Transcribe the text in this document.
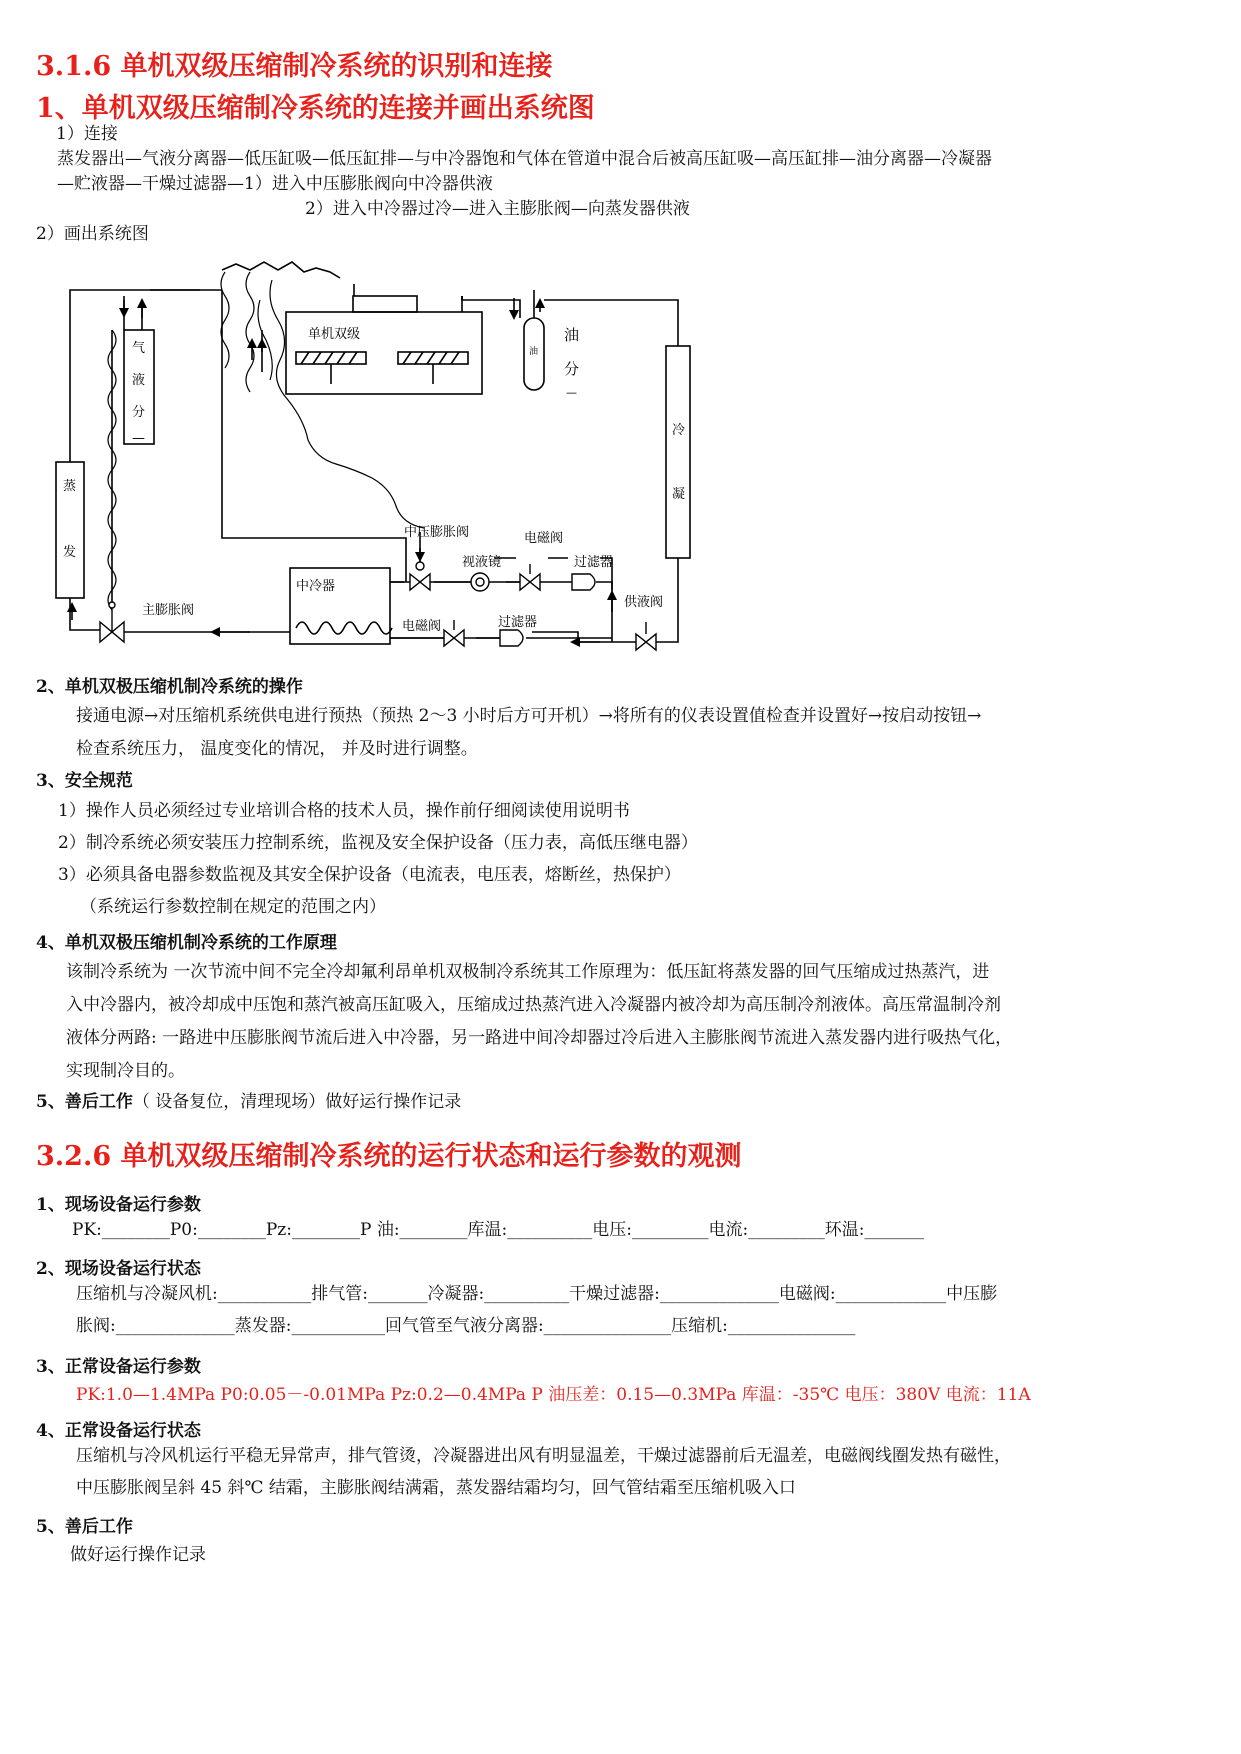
3.1.6 单机双级压缩制冷系统的识别和连接
1、单机双级压缩制冷系统的连接并画出系统图
1）连接
蒸发器出—气液分离器—低压缸吸—低压缸排—与中冷器饱和气体在管道中混合后被高压缸吸—高压缸排—油分离器—冷凝器
—贮液器—干燥过滤器—1）进入中压膨胀阀向中冷器供液
2）进入中冷器过冷—进入主膨胀阀—向蒸发器供液
2）画出系统图
单机双级
气
液
分
—
油
油
分
—
冷
凝
蒸
发
中冷器
中压膨胀阀
视液镜
电磁阀
过滤器
供液阀
主膨胀阀
电磁阀	过滤器
2、单机双极压缩机制冷系统的操作
接通电源→对压缩机系统供电进行预热（预热 2～3 小时后方可开机）→将所有的仪表设置值检查并设置好→按启动按钮→
检查系统压力， 温度变化的情况， 并及时进行调整。
3、安全规范
1）操作人员必须经过专业培训合格的技术人员，操作前仔细阅读使用说明书
2）制冷系统必须安装压力控制系统，监视及安全保护设备（压力表，高低压继电器）
3）必须具备电器参数监视及其安全保护设备（电流表，电压表，熔断丝，热保护）
（系统运行参数控制在规定的范围之内）
4、单机双极压缩机制冷系统的工作原理
该制冷系统为 一次节流中间不完全冷却氟利昂单机双极制冷系统其工作原理为：低压缸将蒸发器的回气压缩成过热蒸汽，进
入中冷器内，被冷却成中压饱和蒸汽被高压缸吸入，压缩成过热蒸汽进入冷凝器内被冷却为高压制冷剂液体。高压常温制冷剂
液体分两路: 一路进中压膨胀阀节流后进入中冷器，另一路进中间冷却器过冷后进入主膨胀阀节流进入蒸发器内进行吸热气化，
实现制冷目的。
5、善后工作（ 设备复位，清理现场）做好运行操作记录
3.2.6 单机双级压缩制冷系统的运行状态和运行参数的观测
1、现场设备运行参数
PK:________P0:________Pz:________P 油:________库温:__________电压:_________电流:_________环温:_______
2、现场设备运行状态
压缩机与冷凝风机:___________排气管:_______冷凝器:__________干燥过滤器:______________电磁阀:_____________中压膨
胀阀:______________蒸发器:___________回气管至气液分离器:_______________压缩机:_______________
3、正常设备运行参数
PK:1.0—1.4MPa P0:0.05－-0.01MPa Pz:0.2—0.4MPa P 油压差：0.15—0.3MPa 库温：-35℃ 电压：380V 电流：11A
4、正常设备运行状态
压缩机与冷风机运行平稳无异常声，排气管烫，冷凝器进出风有明显温差，干燥过滤器前后无温差，电磁阀线圈发热有磁性，
中压膨胀阀呈斜 45 斜℃ 结霜，主膨胀阀结满霜，蒸发器结霜均匀，回气管结霜至压缩机吸入口
5、善后工作
做好运行操作记录
